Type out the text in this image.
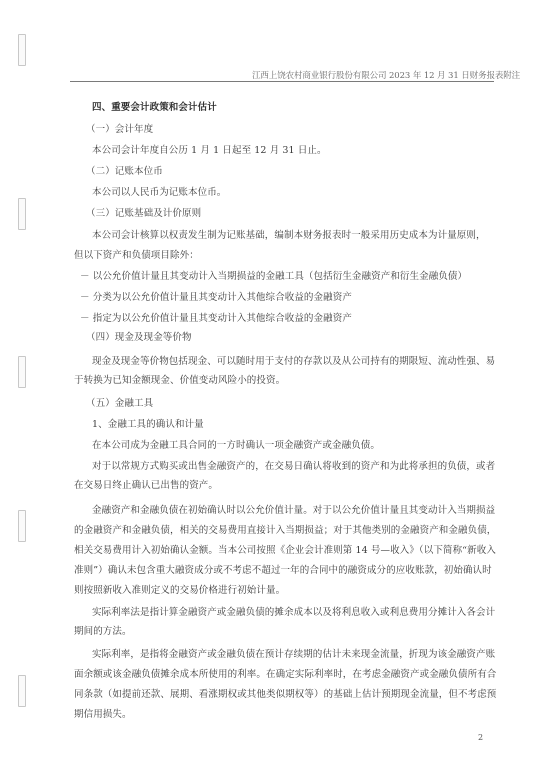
江西上饶农村商业银行股份有限公司 2023 年 12 月 31 日财务报表附注
四、重要会计政策和会计估计
（一）会计年度
本公司会计年度自公历 1 月 1 日起至 12 月 31 日止。
（二）记账本位币
本公司以人民币为记账本位币。
（三）记账基础及计价原则
本公司会计核算以权责发生制为记账基础，编制本财务报表时一般采用历史成本为计量原则，
但以下资产和负债项目除外：
－ 以公允价值计量且其变动计入当期损益的金融工具（包括衍生金融资产和衍生金融负债）
－ 分类为以公允价值计量且其变动计入其他综合收益的金融资产
－ 指定为以公允价值计量且其变动计入其他综合收益的金融资产
（四）现金及现金等价物
现金及现金等价物包括现金、可以随时用于支付的存款以及从公司持有的期限短、流动性强、易
于转换为已知金额现金、价值变动风险小的投资。
（五）金融工具
1、金融工具的确认和计量
在本公司成为金融工具合同的一方时确认一项金融资产或金融负债。
对于以常规方式购买或出售金融资产的，在交易日确认将收到的资产和为此将承担的负债，或者
在交易日终止确认已出售的资产。
金融资产和金融负债在初始确认时以公允价值计量。对于以公允价值计量且其变动计入当期损益
的金融资产和金融负债，相关的交易费用直接计入当期损益；对于其他类别的金融资产和金融负债，
相关交易费用计入初始确认金额。当本公司按照《企业会计准则第 14 号—收入》（以下简称“新收入
准则”）确认未包含重大融资成分或不考虑不超过一年的合同中的融资成分的应收账款，初始确认时
则按照新收入准则定义的交易价格进行初始计量。
实际利率法是指计算金融资产或金融负债的摊余成本以及将利息收入或利息费用分摊计入各会计
期间的方法。
实际利率，是指将金融资产或金融负债在预计存续期的估计未来现金流量，折现为该金融资产账
面余额或该金融负债摊余成本所使用的利率。在确定实际利率时，在考虑金融资产或金融负债所有合
同条款（如提前还款、展期、看涨期权或其他类似期权等）的基础上估计预期现金流量，但不考虑预
期信用损失。
2
